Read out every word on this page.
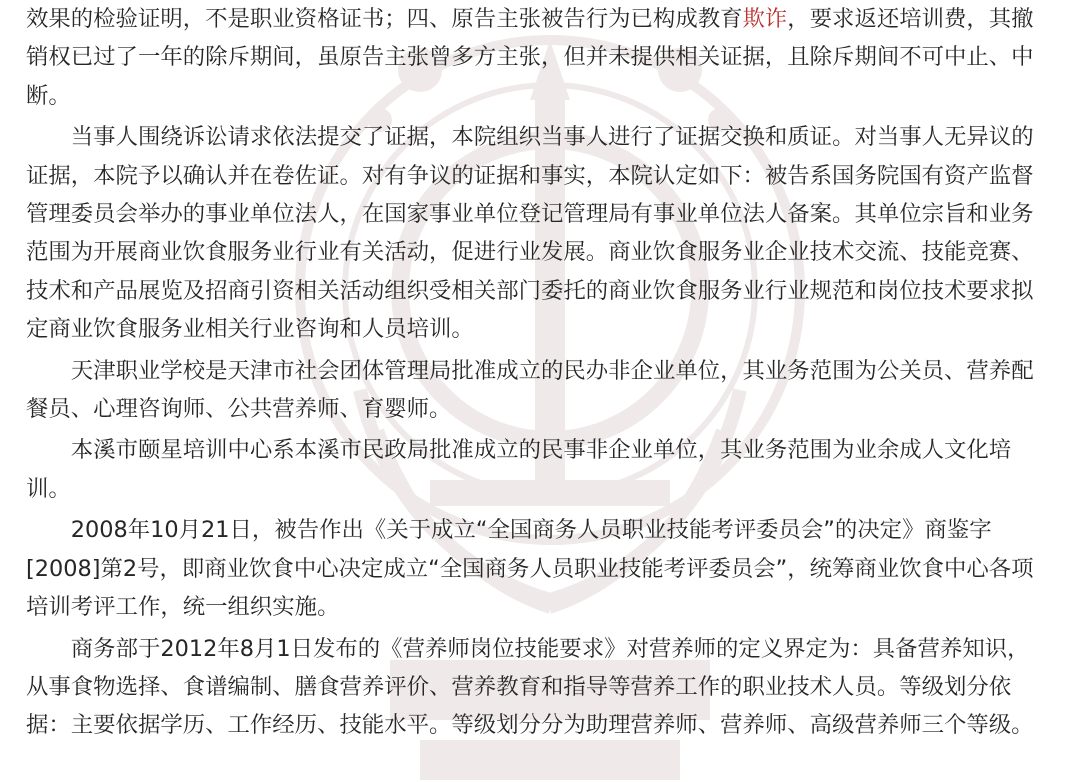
效果的检验证明，不是职业资格证书；四、原告主张被告行为已构成教育欺诈，要求返还培训费，其撤销权已过了一年的除斥期间，虽原告主张曾多方主张，但并未提供相关证据，且除斥期间不可中止、中断。

当事人围绕诉讼请求依法提交了证据，本院组织当事人进行了证据交换和质证。对当事人无异议的证据，本院予以确认并在卷佐证。对有争议的证据和事实，本院认定如下：被告系国务院国有资产监督管理委员会举办的事业单位法人，在国家事业单位登记管理局有事业单位法人备案。其单位宗旨和业务范围为开展商业饮食服务业行业有关活动，促进行业发展。商业饮食服务业企业技术交流、技能竞赛、技术和产品展览及招商引资相关活动组织受相关部门委托的商业饮食服务业行业规范和岗位技术要求拟定商业饮食服务业相关行业咨询和人员培训。

天津职业学校是天津市社会团体管理局批准成立的民办非企业单位，其业务范围为公关员、营养配餐员、心理咨询师、公共营养师、育婴师。

本溪市颐星培训中心系本溪市民政局批准成立的民事非企业单位，其业务范围为业余成人文化培训。

2008年10月21日，被告作出《关于成立“全国商务人员职业技能考评委员会”的决定》商鉴字[2008]第2号，即商业饮食中心决定成立“全国商务人员职业技能考评委员会”，统筹商业饮食中心各项培训考评工作，统一组织实施。

商务部于2012年8月1日发布的《营养师岗位技能要求》对营养师的定义界定为：具备营养知识，从事食物选择、食谱编制、膳食营养评价、营养教育和指导等营养工作的职业技术人员。等级划分依据：主要依据学历、工作经历、技能水平。等级划分分为助理营养师、营养师、高级营养师三个等级。
